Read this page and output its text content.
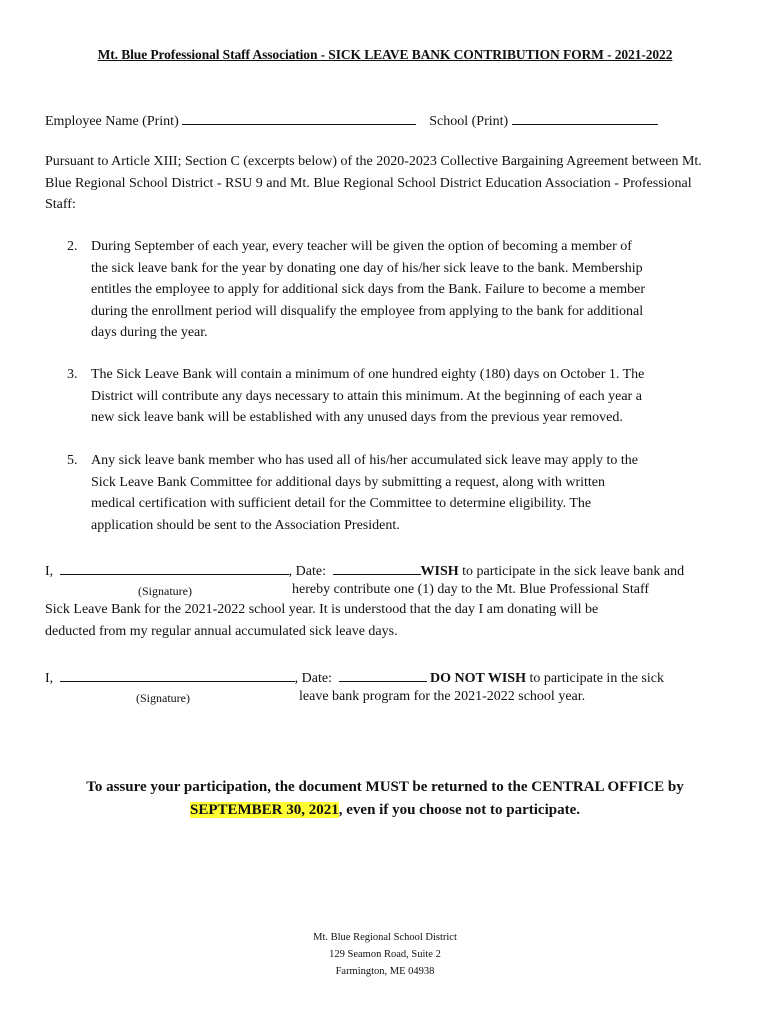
Mt. Blue Professional Staff Association - SICK LEAVE BANK CONTRIBUTION FORM - 2021-2022
Employee Name (Print)	School (Print)
Pursuant to Article XIII; Section C (excerpts below) of the 2020-2023 Collective Bargaining Agreement between Mt. Blue Regional School District - RSU 9 and Mt. Blue Regional School District Education Association - Professional Staff:
2. During September of each year, every teacher will be given the option of becoming a member of
the sick leave bank for the year by donating one day of his/her sick leave to the bank. Membership
entitles the employee to apply for additional sick days from the Bank. Failure to become a member
during the enrollment period will disqualify the employee from applying to the bank for additional
days during the year.
3. The Sick Leave Bank will contain a minimum of one hundred eighty (180) days on October 1. The
District will contribute any days necessary to attain this minimum. At the beginning of each year a
new sick leave bank will be established with any unused days from the previous year removed.
5. Any sick leave bank member who has used all of his/her accumulated sick leave may apply to the
Sick Leave Bank Committee for additional days by submitting a request, along with written
medical certification with sufficient detail for the Committee to determine eligibility. The
application should be sent to the Association President.
I,	, Date:	WISH to participate in the sick leave bank and
(Signature)	hereby contribute one (1) day to the Mt. Blue Professional Staff
Sick Leave Bank for the 2021-2022 school year. It is understood that the day I am donating will be
deducted from my regular annual accumulated sick leave days.
I,	, Date:	DO NOT WISH to participate in the sick
(Signature)	leave bank program for the 2021-2022 school year.
To assure your participation, the document MUST be returned to the CENTRAL OFFICE by
SEPTEMBER 30, 2021, even if you choose not to participate.
Mt. Blue Regional School District
129 Seamon Road, Suite 2
Farmington, ME 04938
